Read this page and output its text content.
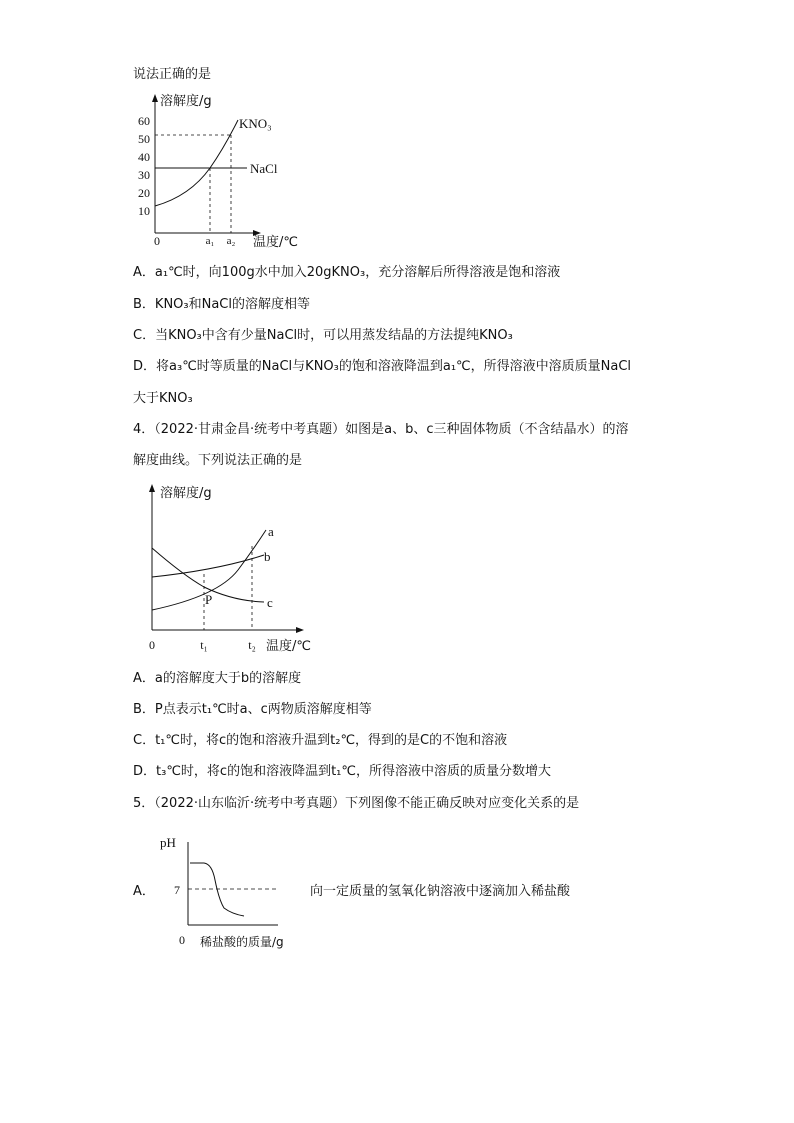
说法正确的是
溶解度/g
60
50
40
30
20
10
0
NaCl
KNO₃
a₁ a₂ 温度/℃
A．a₁℃时，向100g水中加入20gKNO₃，充分溶解后所得溶液是饱和溶液
B．KNO₃和NaCl的溶解度相等
C．当KNO₃中含有少量NaCl时，可以用蒸发结晶的方法提纯KNO₃
D．将a₃℃时等质量的NaCl与KNO₃的饱和溶液降温到a₁℃，所得溶液中溶质质量NaCl
大于KNO₃
4．（2022·甘肃金昌·统考中考真题）如图是a、b、c三种固体物质（不含结晶水）的溶
解度曲线。下列说法正确的是
溶解度/g
0
a
b
c
P
t₁	t₂ 温度/℃
A．a的溶解度大于b的溶解度
B．P点表示t₁℃时a、c两物质溶解度相等
C．t₁℃时，将c的饱和溶液升温到t₂℃，得到的是C的不饱和溶液
D．t₃℃时，将c的饱和溶液降温到t₁℃，所得溶液中溶质的质量分数增大
5．（2022·山东临沂·统考中考真题）下列图像不能正确反映对应变化关系的是
A．
pH
7
0 稀盐酸的质量/g
向一定质量的氢氧化钠溶液中逐滴加入稀盐酸
